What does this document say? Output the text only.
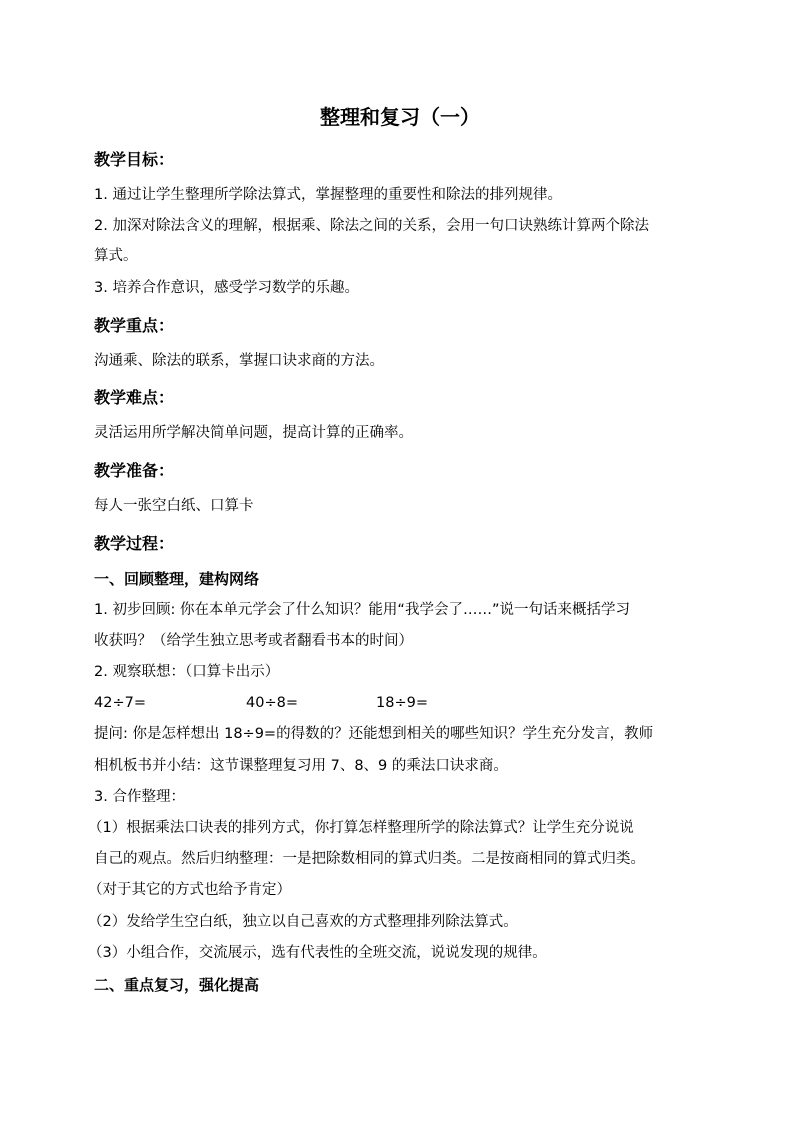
整理和复习（一）
教学目标：
1. 通过让学生整理所学除法算式，掌握整理的重要性和除法的排列规律。
2. 加深对除法含义的理解，根据乘、除法之间的关系，会用一句口诀熟练计算两个除法
算式。
3. 培养合作意识，感受学习数学的乐趣。
教学重点：
沟通乘、除法的联系，掌握口诀求商的方法。
教学难点：
灵活运用所学解决简单问题，提高计算的正确率。
教学准备：
每人一张空白纸、口算卡
教学过程：
一、回顾整理，建构网络
1. 初步回顾: 你在本单元学会了什么知识？能用“我学会了……”说一句话来概括学习
收获吗？（给学生独立思考或者翻看书本的时间）
2. 观察联想：（口算卡出示）
42÷7=	40÷8=	18÷9=
提问: 你是怎样想出 18÷9=的得数的？还能想到相关的哪些知识？学生充分发言，教师
相机板书并小结：这节课整理复习用 7、8、9 的乘法口诀求商。
3. 合作整理：
（1）根据乘法口诀表的排列方式，你打算怎样整理所学的除法算式？让学生充分说说
自己的观点。然后归纳整理：一是把除数相同的算式归类。二是按商相同的算式归类。
（对于其它的方式也给予肯定）
（2）发给学生空白纸，独立以自己喜欢的方式整理排列除法算式。
（3）小组合作，交流展示，选有代表性的全班交流，说说发现的规律。
二、重点复习，强化提高
